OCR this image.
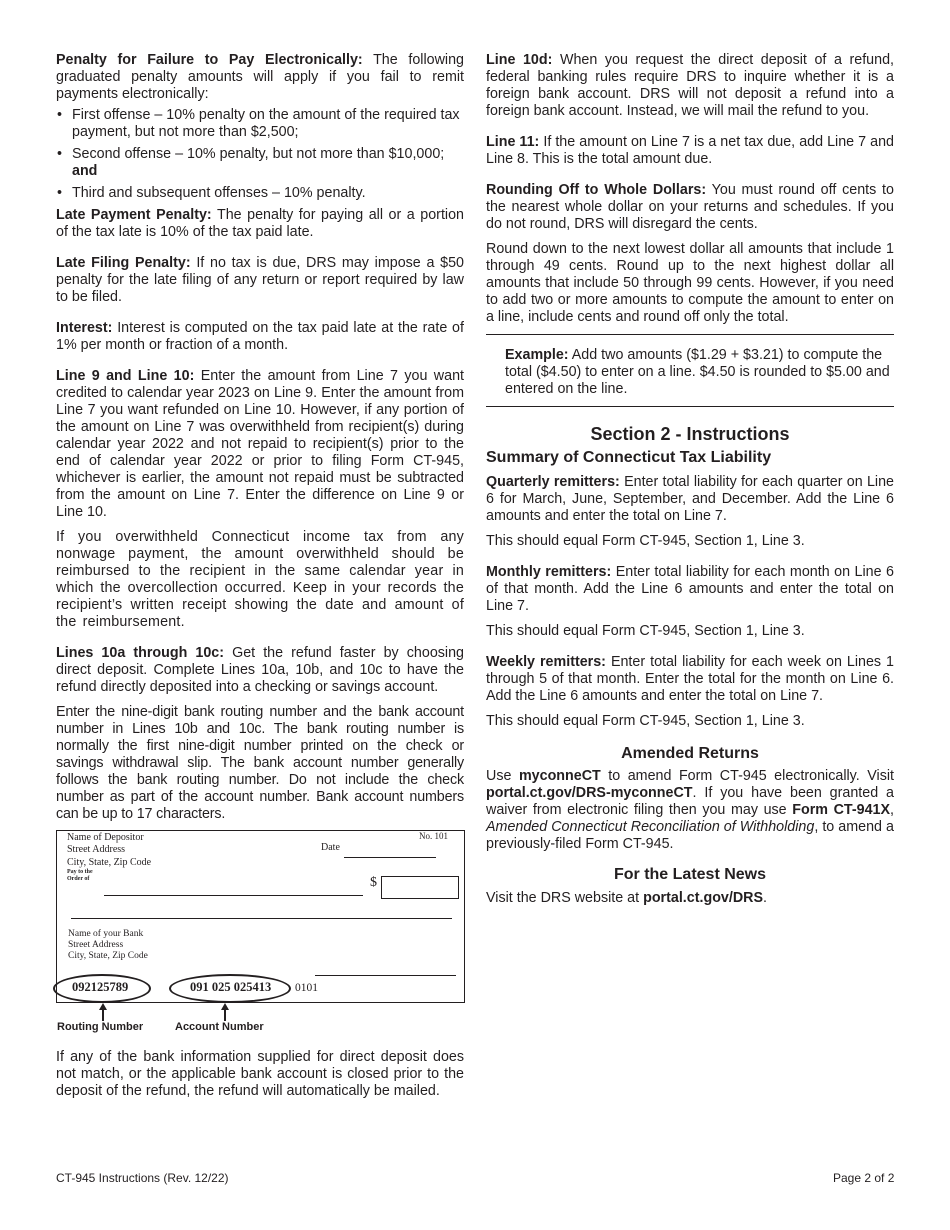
Penalty for Failure to Pay Electronically: The following graduated penalty amounts will apply if you fail to remit payments electronically:

• First offense – 10% penalty on the amount of the required tax payment, but not more than $2,500;
• Second offense – 10% penalty, but not more than $10,000; and
• Third and subsequent offenses – 10% penalty.

Late Payment Penalty: The penalty for paying all or a portion of the tax late is 10% of the tax paid late.

Late Filing Penalty: If no tax is due, DRS may impose a $50 penalty for the late filing of any return or report required by law to be filed.

Interest: Interest is computed on the tax paid late at the rate of 1% per month or fraction of a month.

Line 9 and Line 10: Enter the amount from Line 7 you want credited to calendar year 2023 on Line 9. Enter the amount from Line 7 you want refunded on Line 10. However, if any portion of the amount on Line 7 was overwithheld from recipient(s) during calendar year 2022 and not repaid to recipient(s) prior to the end of calendar year 2022 or prior to filing Form CT-945, whichever is earlier, the amount not repaid must be subtracted from the amount on Line 7. Enter the difference on Line 9 or Line 10.

If you overwithheld Connecticut income tax from any nonwage payment, the amount overwithheld should be reimbursed to the recipient in the same calendar year in which the overcollection occurred. Keep in your records the recipient’s written receipt showing the date and amount of the reimbursement.

Lines 10a through 10c: Get the refund faster by choosing direct deposit. Complete Lines 10a, 10b, and 10c to have the refund directly deposited into a checking or savings account.

Enter the nine-digit bank routing number and the bank account number in Lines 10b and 10c. The bank routing number is normally the first nine-digit number printed on the check or savings withdrawal slip. The bank account number generally follows the bank routing number. Do not include the check number as part of the account number. Bank account numbers can be up to 17 characters.

Name of Depositor
Street Address
City, State, Zip Code
Pay to the
Order of
No. 101
Date
$
Name of your Bank
Street Address
City, State, Zip Code
092125789	091 025 025413 0101
Routing Number	Account Number

If any of the bank information supplied for direct deposit does not match, or the applicable bank account is closed prior to the deposit of the refund, the refund will automatically be mailed.

Line 10d: When you request the direct deposit of a refund, federal banking rules require DRS to inquire whether it is a foreign bank account. DRS will not deposit a refund into a foreign bank account. Instead, we will mail the refund to you.

Line 11: If the amount on Line 7 is a net tax due, add Line 7 and Line 8. This is the total amount due.

Rounding Off to Whole Dollars: You must round off cents to the nearest whole dollar on your returns and schedules. If you do not round, DRS will disregard the cents.

Round down to the next lowest dollar all amounts that include 1 through 49 cents. Round up to the next highest dollar all amounts that include 50 through 99 cents. However, if you need to add two or more amounts to compute the amount to enter on a line, include cents and round off only the total.

Example: Add two amounts ($1.29 + $3.21) to compute the total ($4.50) to enter on a line. $4.50 is rounded to $5.00 and entered on the line.

Section 2 - Instructions
Summary of Connecticut Tax Liability

Quarterly remitters: Enter total liability for each quarter on Line 6 for March, June, September, and December. Add the Line 6 amounts and enter the total on Line 7.

This should equal Form CT-945, Section 1, Line 3.

Monthly remitters: Enter total liability for each month on Line 6 of that month. Add the Line 6 amounts and enter the total on Line 7.

This should equal Form CT-945, Section 1, Line 3.

Weekly remitters: Enter total liability for each week on Lines 1 through 5 of that month. Enter the total for the month on Line 6. Add the Line 6 amounts and enter the total on Line 7.

This should equal Form CT-945, Section 1, Line 3.

Amended Returns

Use myconneCT to amend Form CT-945 electronically. Visit portal.ct.gov/DRS-myconneCT. If you have been granted a waiver from electronic filing then you may use Form CT-941X, Amended Connecticut Reconciliation of Withholding, to amend a previously-filed Form CT-945.

For the Latest News

Visit the DRS website at portal.ct.gov/DRS.

CT-945 Instructions (Rev. 12/22)	Page 2 of 2
